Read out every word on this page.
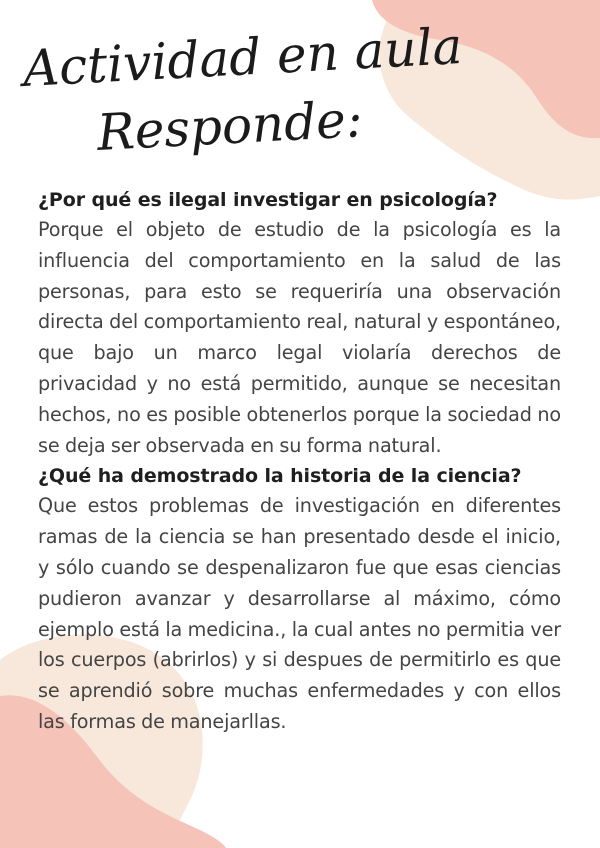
Actividad en aula
Responde:
¿Por qué es ilegal investigar en psicología?

Porque el objeto de estudio de la psicología es la influencia del comportamiento en la salud de las personas, para esto se requeriría una observación directa del comportamiento real, natural y espontáneo, que bajo un marco legal violaría derechos de privacidad y no está permitido, aunque se necesitan hechos, no es posible obtenerlos porque la sociedad no se deja ser observada en su forma natural.

¿Qué ha demostrado la historia de la ciencia?

Que estos problemas de investigación en diferentes ramas de la ciencia se han presentado desde el inicio, y sólo cuando se despenalizaron fue que esas ciencias pudieron avanzar y desarrollarse al máximo, cómo ejemplo está la medicina., la cual antes no permitia ver los cuerpos (abrirlos) y si despues de permitirlo es que se aprendió sobre muchas enfermedades y con ellos las formas de manejarllas.
